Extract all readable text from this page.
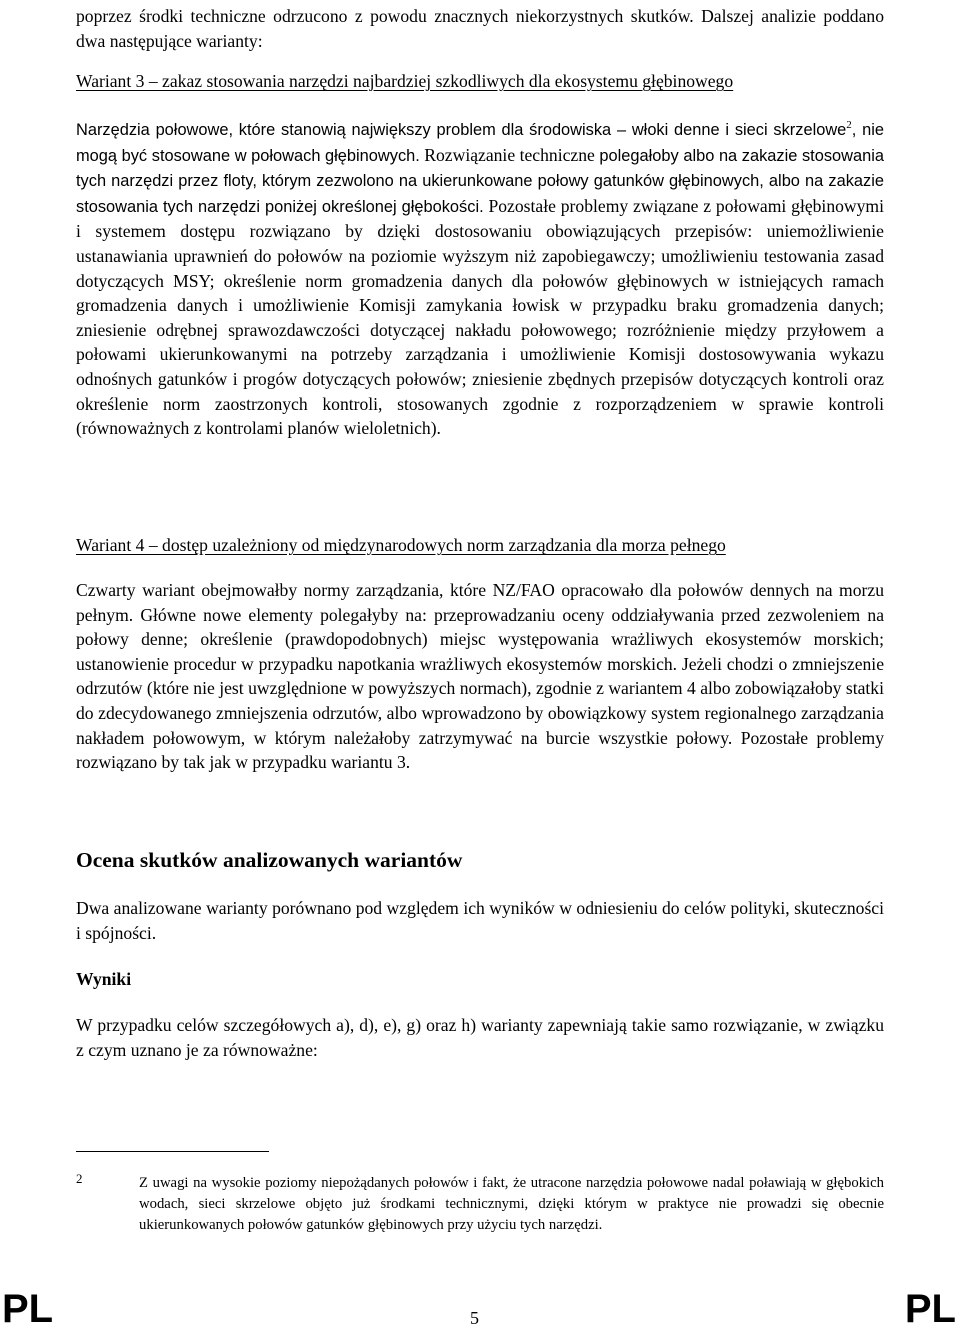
poprzez środki techniczne odrzucono z powodu znacznych niekorzystnych skutków. Dalszej analizie poddano dwa następujące warianty:

Wariant 3 – zakaz stosowania narzędzi najbardziej szkodliwych dla ekosystemu głębinowego

Narzędzia połowowe, które stanowią największy problem dla środowiska – włoki denne i sieci skrzelowe$^2$, nie mogą być stosowane w połowach głębinowych. Rozwiązanie techniczne polegałoby albo na zakazie stosowania tych narzędzi przez floty, którym zezwolono na ukierunkowane połowy gatunków głębinowych, albo na zakazie stosowania tych narzędzi poniżej określonej głębokości. Pozostałe problemy związane z połowami głębinowymi i systemem dostępu rozwiązano by dzięki dostosowaniu obowiązujących przepisów: uniemożliwienie ustanawiania uprawnień do połowów na poziomie wyższym niż zapobiegawczy; umożliwieniu testowania zasad dotyczących MSY; określenie norm gromadzenia danych dla połowów głębinowych w istniejących ramach gromadzenia danych i umożliwienie Komisji zamykania łowisk w przypadku braku gromadzenia danych; zniesienie odrębnej sprawozdawczości dotyczącej nakładu połowowego; rozróżnienie między przyłowem a połowami ukierunkowanymi na potrzeby zarządzania i umożliwienie Komisji dostosowywania wykazu odnośnych gatunków i progów dotyczących połowów; zniesienie zbędnych przepisów dotyczących kontroli oraz określenie norm zaostrzonych kontroli, stosowanych zgodnie z rozporządzeniem w sprawie kontroli (równoważnych z kontrolami planów wieloletnich).

Wariant 4 – dostęp uzależniony od międzynarodowych norm zarządzania dla morza pełnego

Czwarty wariant obejmowałby normy zarządzania, które NZ/FAO opracowało dla połowów dennych na morzu pełnym. Główne nowe elementy polegałyby na: przeprowadzaniu oceny oddziaływania przed zezwoleniem na połowy denne; określenie (prawdopodobnych) miejsc występowania wrażliwych ekosystemów morskich; ustanowienie procedur w przypadku napotkania wrażliwych ekosystemów morskich. Jeżeli chodzi o zmniejszenie odrzutów (które nie jest uwzględnione w powyższych normach), zgodnie z wariantem 4 albo zobowiązałoby statki do zdecydowanego zmniejszenia odrzutów, albo wprowadzono by obowiązkowy system regionalnego zarządzania nakładem połowowym, w którym należałoby zatrzymywać na burcie wszystkie połowy. Pozostałe problemy rozwiązano by tak jak w przypadku wariantu 3.

Ocena skutków analizowanych wariantów

Dwa analizowane warianty porównano pod względem ich wyników w odniesieniu do celów polityki, skuteczności i spójności.

Wyniki

W przypadku celów szczegółowych a), d), e), g) oraz h) warianty zapewniają takie samo rozwiązanie, w związku z czym uznano je za równoważne:

2	Z uwagi na wysokie poziomy niepożądanych połowów i fakt, że utracone narzędzia połowowe nadal poławiają w głębokich wodach, sieci skrzelowe objęto już środkami technicznymi, dzięki którym w praktyce nie prowadzi się obecnie ukierunkowanych połowów gatunków głębinowych przy użyciu tych narzędzi.
PL	5	PL
